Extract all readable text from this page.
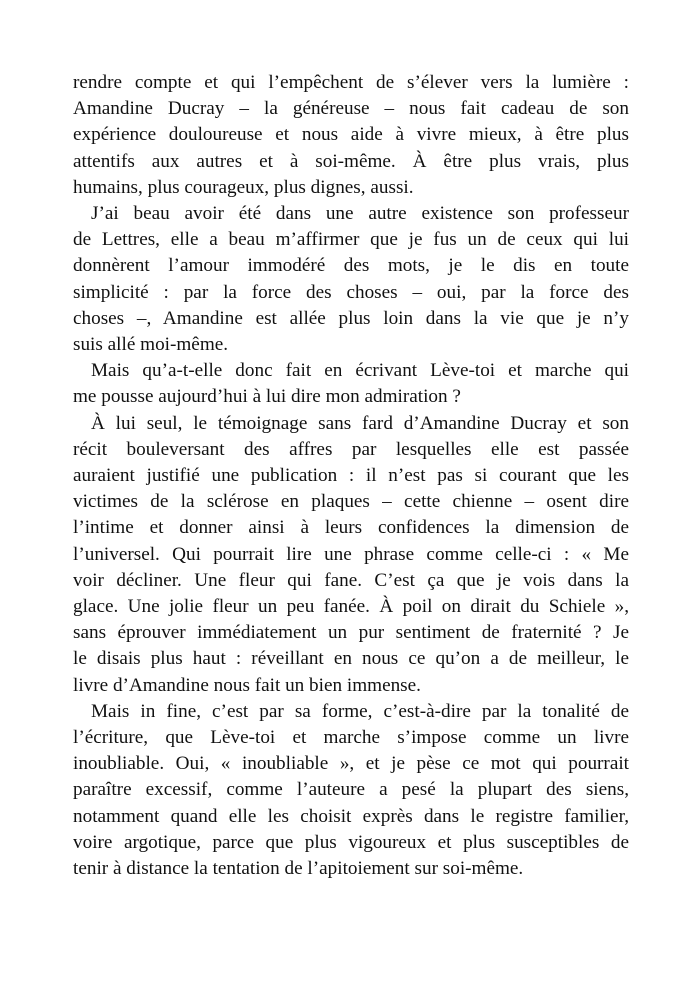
rendre compte et qui l’empêchent de s’élever vers la lumière :
Amandine Ducray – la généreuse – nous fait cadeau de son
expérience douloureuse et nous aide à vivre mieux, à être plus
attentifs aux autres et à soi-même. À être plus vrais, plus
humains, plus courageux, plus dignes, aussi.

J’ai beau avoir été dans une autre existence son professeur
de Lettres, elle a beau m’affirmer que je fus un de ceux qui lui
donnèrent l’amour immodéré des mots, je le dis en toute
simplicité : par la force des choses – oui, par la force des
choses –, Amandine est allée plus loin dans la vie que je n’y
suis allé moi-même.

Mais qu’a-t-elle donc fait en écrivant Lève-toi et marche qui
me pousse aujourd’hui à lui dire mon admiration ?

À lui seul, le témoignage sans fard d’Amandine Ducray et son
récit bouleversant des affres par lesquelles elle est passée
auraient justifié une publication : il n’est pas si courant que les
victimes de la sclérose en plaques – cette chienne – osent dire
l’intime et donner ainsi à leurs confidences la dimension de
l’universel. Qui pourrait lire une phrase comme celle-ci : « Me
voir décliner. Une fleur qui fane. C’est ça que je vois dans la
glace. Une jolie fleur un peu fanée. À poil on dirait du Schiele »,
sans éprouver immédiatement un pur sentiment de fraternité ? Je
le disais plus haut : réveillant en nous ce qu’on a de meilleur, le
livre d’Amandine nous fait un bien immense.

Mais in fine, c’est par sa forme, c’est-à-dire par la tonalité de
l’écriture, que Lève-toi et marche s’impose comme un livre
inoubliable. Oui, « inoubliable », et je pèse ce mot qui pourrait
paraître excessif, comme l’auteure a pesé la plupart des siens,
notamment quand elle les choisit exprès dans le registre familier,
voire argotique, parce que plus vigoureux et plus susceptibles de
tenir à distance la tentation de l’apitoiement sur soi-même.
